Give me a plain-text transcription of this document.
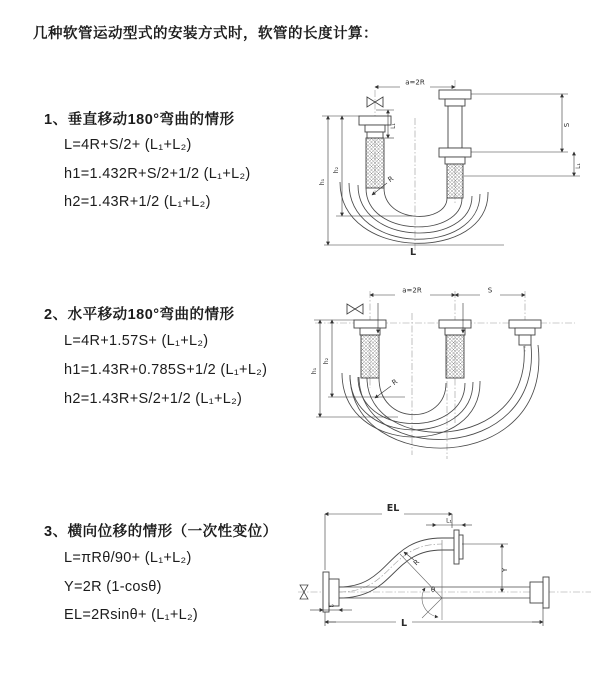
几种软管运动型式的安装方式时，软管的长度计算：
1、垂直移动180°弯曲的情形
L=4R+S/2+ (L₁+L₂)
h1=1.432R+S/2+1/2 (L₁+L₂)
h2=1.43R+1/2 (L₁+L₂)
2、水平移动180°弯曲的情形
L=4R+1.57S+ (L₁+L₂)
h1=1.43R+0.785S+1/2 (L₁+L₂)
h2=1.43R+S/2+1/2 (L₁+L₂)
3、横向位移的情形（一次性变位）
L=πRθ/90+ (L₁+L₂)
Y=2R (1-cosθ)
EL=2Rsinθ+ (L₁+L₂)
a=2R
S
L₁
L₁
h₁
h₂
R
L
a=2R	S
h₁
h₂
R
EL
L₁
Y
R
θ
L₂
L
